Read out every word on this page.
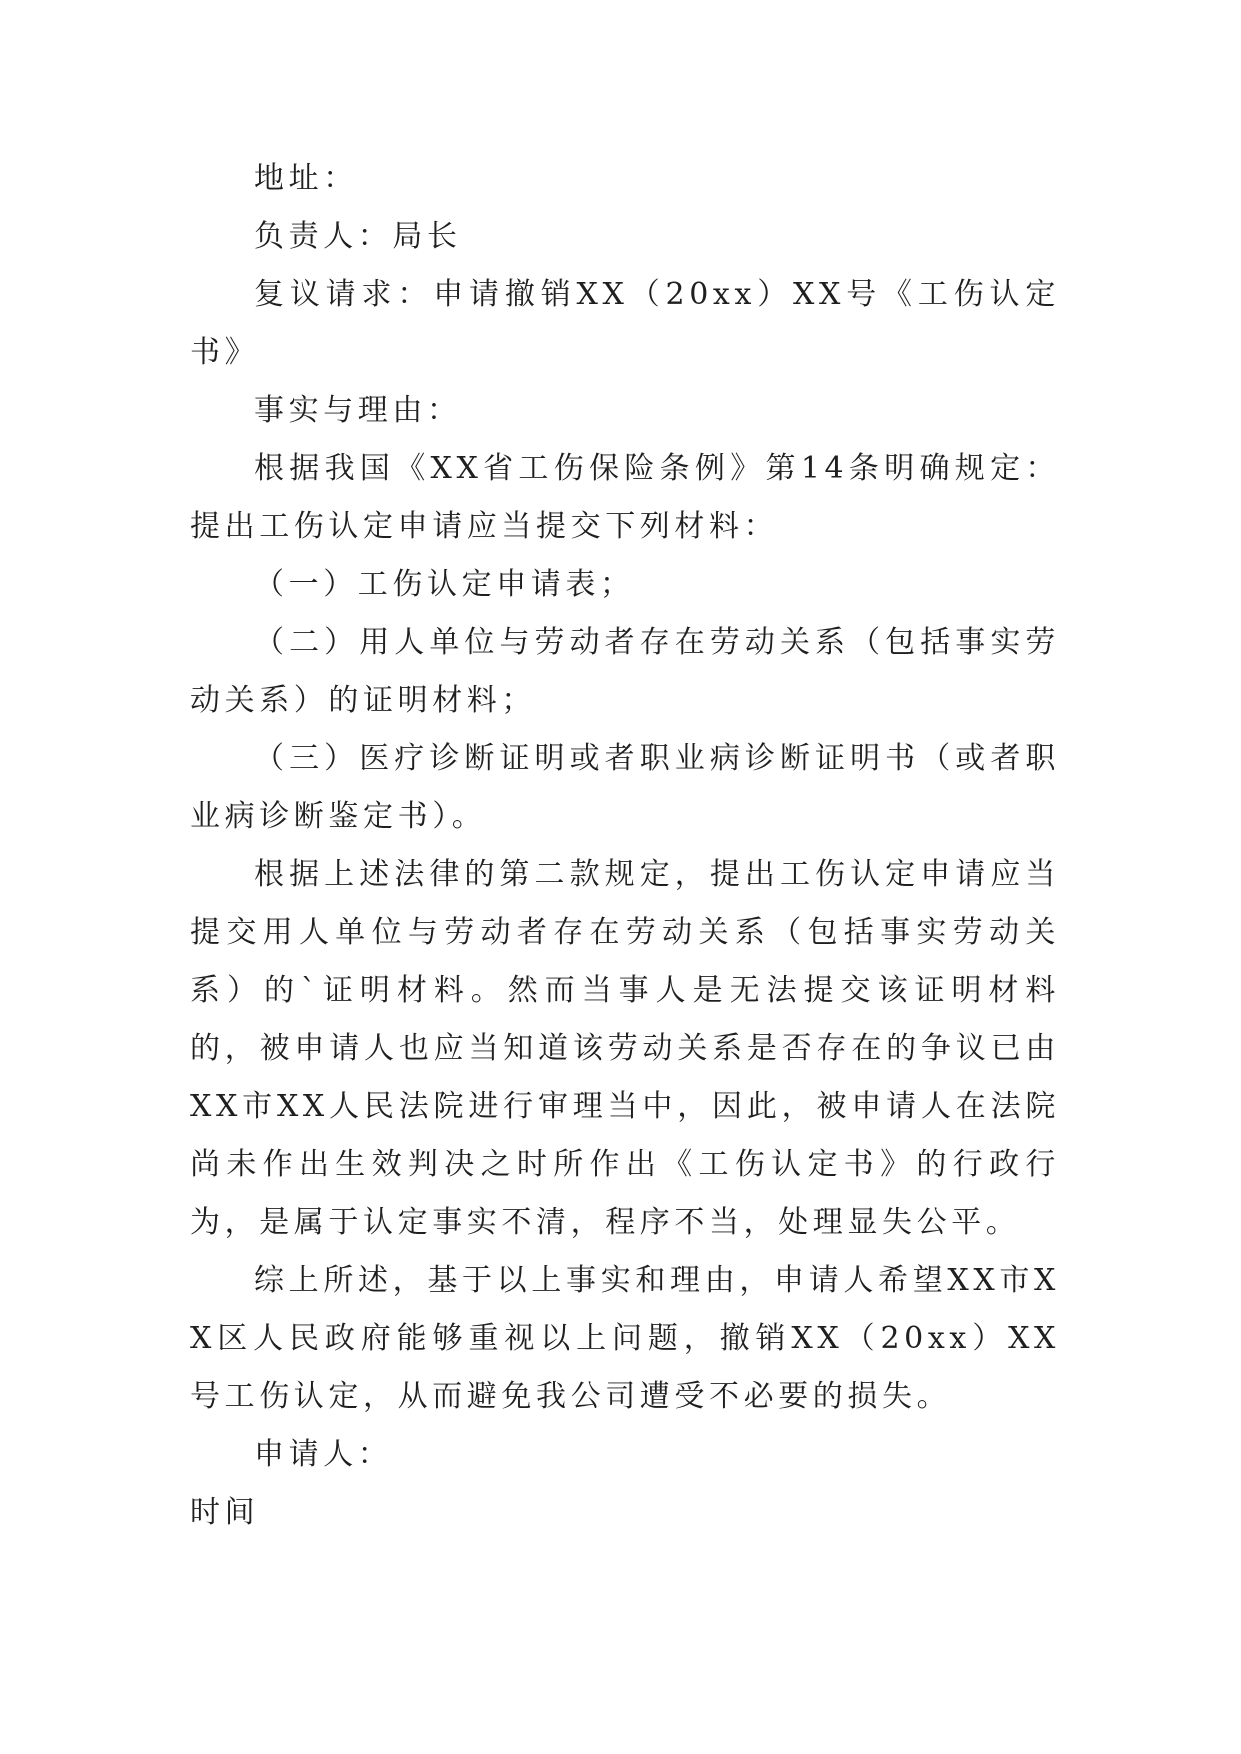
地址：

负责人：局长

复议请求：申请撤销XX（20xx）XX号《工伤认定书》

事实与理由：

根据我国《XX省工伤保险条例》第14条明确规定：提出工伤认定申请应当提交下列材料：

（一）工伤认定申请表；

（二）用人单位与劳动者存在劳动关系（包括事实劳动关系）的证明材料；

（三）医疗诊断证明或者职业病诊断证明书（或者职业病诊断鉴定书）。

根据上述法律的第二款规定，提出工伤认定申请应当提交用人单位与劳动者存在劳动关系（包括事实劳动关系）的`证明材料。然而当事人是无法提交该证明材料的，被申请人也应当知道该劳动关系是否存在的争议已由XX市XX人民法院进行审理当中，因此，被申请人在法院尚未作出生效判决之时所作出《工伤认定书》的行政行为，是属于认定事实不清，程序不当，处理显失公平。

综上所述，基于以上事实和理由，申请人希望XX市XX区人民政府能够重视以上问题，撤销XX（20xx）XX号工伤认定，从而避免我公司遭受不必要的损失。

申请人：

时间
